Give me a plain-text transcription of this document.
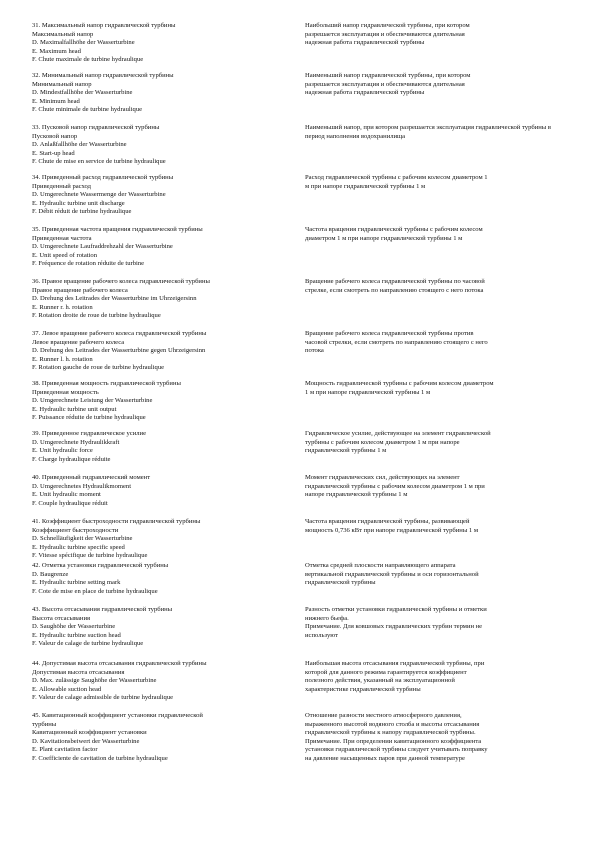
31. Максимальный напор гидравлической турбины
Максимальный напор
D. Maximalfallhöhe der Wasserturbine
E. Maximum head
F. Chute maximale de turbine hydraulique
Наибольший напор гидравлической турбины, при котором
разрешается эксплуатация и обеспечиваются длительная
надежная работа гидравлической турбины
32. Минимальный напор гидравлической турбины
Минимальный напор
D. Mindestfallhöhe der Wasserturbine
E. Minimum head
F. Chute minimale de turbine hydraulique
Наименьший напор гидравлической турбины, при котором
разрешается эксплуатация и обеспечиваются длительная
надежная работа гидравлической турбины
33. Пусковой напор гидравлической турбины
Пусковой напор
D. Anlaßfallhöhe der Wasserturbine
E. Start-up head
F. Chute de mise en service de turbine hydraulique
Наименьший напор, при котором разрешается эксплуатация гидравлической турбины в
период наполнения водохранилища
34. Приведенный расход гидравлической турбины
Приведенный расход
D. Umgerechnete Wassermenge der Wasserturbine
E. Hydraulic turbine unit discharge
F. Débit réduit de turbine hydraulique
Расход гидравлической турбины с рабочим колесом диаметром 1
м при напоре гидравлической турбины 1 м
35. Приведенная частота вращения гидравлической турбины
Приведенная частота
D. Umgerechnete Laufraddrehzahl der Wasserturbine
E. Unit speed of rotation
F. Fréquence de rotation réduite de turbine
Частота вращения гидравлической турбины с рабочим колесом
диаметром 1 м при напоре гидравлической турбины 1 м
36. Правое вращение рабочего колеса гидравлической турбины
Правое вращение рабочего колеса
D. Drehung des Leitrades der Wasserturbine im Uhrzeigersinn
E. Runner r. h. rotation
F. Rotation droite de roue de turbine hydraulique
Вращение рабочего колеса гидравлической турбины по часовой
стрелке, если смотреть по направлению стоящего с него потока
37. Левое вращение рабочего колеса гидравлической турбины
Левое вращение рабочего колеса
D. Drehung des Leitrades der Wasserturbine gegen Uhrzeigersinn
E. Runner l. h. rotation
F. Rotation gauche de roue de turbine hydraulique
Вращение рабочего колеса гидравлической турбины против
часовой стрелки, если смотреть по направлению стоящего с него
потока
38. Приведенная мощность гидравлической турбины
Приведенная мощность
D. Umgerechnete Leistung der Wasserturbine
E. Hydraulic turbine unit output
F. Puissance réduite de turbine hydraulique
Мощность гидравлической турбины с рабочим колесом диаметром
1 м при напоре гидравлической турбины 1 м
39. Приведенное гидравлическое усилие
D. Umgerechnete Hydraulikkraft
E. Unit hydraulic force
F. Charge hydraulique réduite
Гидравлическое усилие, действующее на элемент гидравлической
турбины с рабочим колесом диаметром 1 м при напоре
гидравлической турбины 1 м
40. Приведенный гидравлический момент
D. Umgerechnetes Hydraulikmoment
E. Unit hydraulic moment
F. Couple hydraulique réduit
Момент гидравлических сил, действующих на элемент
гидравлической турбины с рабочим колесом диаметром 1 м при
напоре гидравлической турбины 1 м
41. Коэффициент быстроходности гидравлической турбины
Коэффициент быстроходности
D. Schnelläufigkeit der Wasserturbine
E. Hydraulic turbine specific speed
F. Vitesse spécifique de turbine hydraulique
Частота вращения гидравлической турбины, развивающей
мощность 0,736 кВт при напоре гидравлической турбины 1 м
42. Отметка установки гидравлической турбины
D. Baugrenze
E. Hydraulic turbine setting mark
F. Cote de mise en place de turbine hydraulique
Отметка средней плоскости направляющего аппарата
вертикальной гидравлической турбины и оси горизонтальной
гидравлической турбины
43. Высота отсасывания гидравлической турбины
Высота отсасывания
D. Saughöhe der Wasserturbine
E. Hydraulic turbine suction head
F. Valeur de calage de turbine hydraulique
Разность отметки установки гидравлической турбины и отметки
нижнего бьефа.
Примечание. Для ковшовых гидравлических турбин термин не
используют
44. Допустимая высота отсасывания гидравлической турбины
Допустимая высота отсасывания
D. Max. zulässige Saughöhe der Wasserturbine
E. Allowable suction head
F. Valeur de calage admissible de turbine hydraulique
Наибольшая высота отсасывания гидравлической турбины, при
которой для данного режима гарантируется коэффициент
полезного действия, указанный на эксплуатационной
характеристике гидравлической турбины
45. Кавитационный коэффициент установки гидравлической
турбины
Кавитационный коэффициент установки
D. Kavitationsbeiwert der Wasserturbine
E. Plant cavitation factor
F. Coefficiente de cavitation de turbine hydraulique
Отношение разности местного атмосферного давления,
выраженного высотой водяного столба и высоты отсасывания
гидравлической турбины к напору гидравлической турбины.
Примечание. При определении кавитационного коэффициента
установки гидравлической турбины следует учитывать поправку
на давление насыщенных паров при данной температуре
